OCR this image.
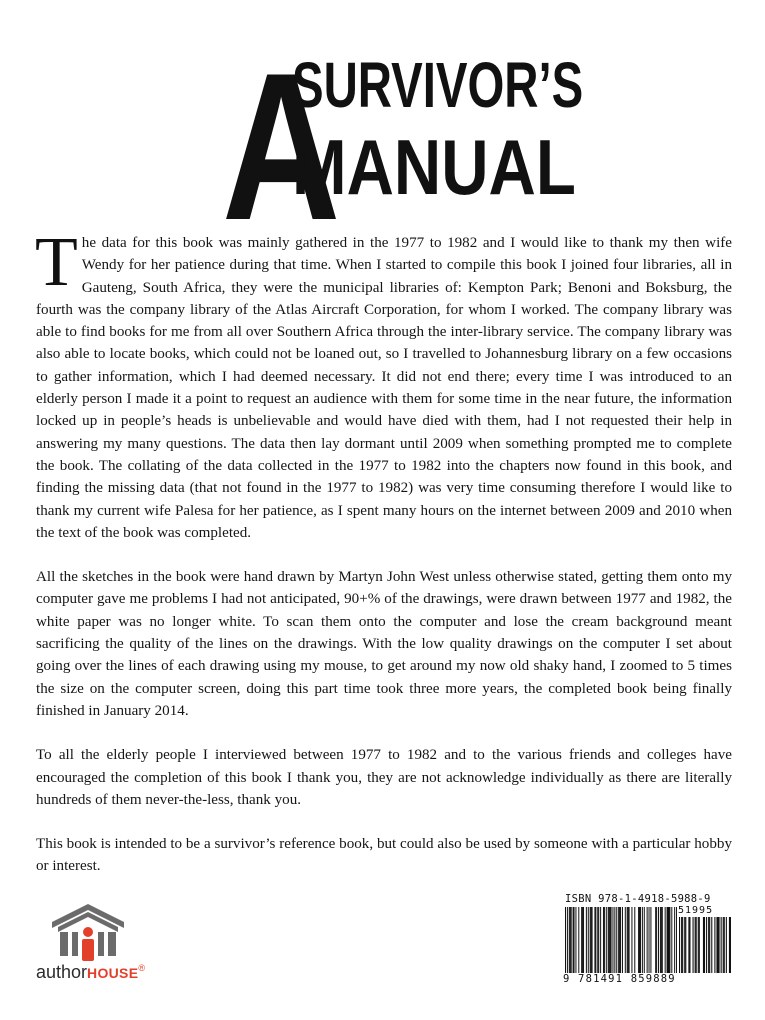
A
SURVIVOR’S
MANUAL

The data for this book was mainly gathered in the 1977 to 1982 and I would like to thank my then wife Wendy for her patience during that time. When I started to compile this book I joined four libraries, all in Gauteng, South Africa, they were the municipal libraries of: Kempton Park; Benoni and Boksburg, the fourth was the company library of the Atlas Aircraft Corporation, for whom I worked. The company library was able to find books for me from all over Southern Africa through the inter-library service. The company library was also able to locate books, which could not be loaned out, so I travelled to Johannesburg library on a few occasions to gather information, which I had deemed necessary. It did not end there; every time I was introduced to an elderly person I made it a point to request an audience with them for some time in the near future, the information locked up in people’s heads is unbelievable and would have died with them, had I not requested their help in answering my many questions. The data then lay dormant until 2009 when something prompted me to complete the book. The collating of the data collected in the 1977 to 1982 into the chapters now found in this book, and finding the missing data (that not found in the 1977 to 1982) was very time consuming therefore I would like to thank my current wife Palesa for her patience, as I spent many hours on the internet between 2009 and 2010 when the text of the book was completed.

All the sketches in the book were hand drawn by Martyn John West unless otherwise stated, getting them onto my computer gave me problems I had not anticipated, 90+% of the drawings, were drawn between 1977 and 1982, the white paper was no longer white. To scan them onto the computer and lose the cream background meant sacrificing the quality of the lines on the drawings. With the low quality drawings on the computer I set about going over the lines of each drawing using my mouse, to get around my now old shaky hand, I zoomed to 5 times the size on the computer screen, doing this part time took three more years, the completed book being finally finished in January 2014.

To all the elderly people I interviewed between 1977 to 1982 and to the various friends and colleges have encouraged the completion of this book I thank you, they are not acknowledge individually as there are literally hundreds of them never-the-less, thank you.

This book is intended to be a survivor’s reference book, but could also be used by someone with a particular hobby or interest.

authorHOUSE®
ISBN 978-1-4918-5988-9
51995
9 781491 859889
